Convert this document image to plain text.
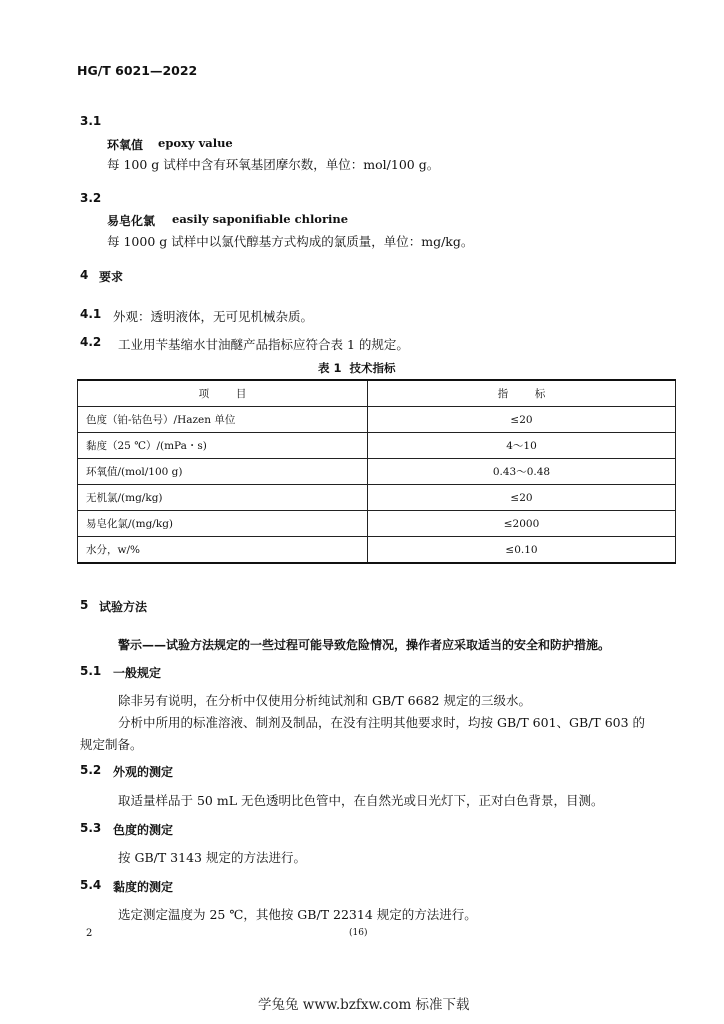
HG/T 6021—2022
3.1
环氧值 epoxy value
每 100 g 试样中含有环氧基团摩尔数，单位：mol/100 g。
3.2
易皂化氯 easily saponifiable chlorine
每 1000 g 试样中以氯代醇基方式构成的氯质量，单位：mg/kg。
4 要求
4.1 外观：透明液体，无可见机械杂质。
4.2 工业用苄基缩水甘油醚产品指标应符合表 1 的规定。
表 1  技术指标
项        目	指        标
色度（铂-钴色号）/Hazen 单位	≤20
黏度（25 ℃）/(mPa・s)	4～10
环氧值/(mol/100 g)	0.43～0.48
无机氯/(mg/kg)	≤20
易皂化氯/(mg/kg)	≤2000
水分，w/%	≤0.10
5 试验方法
警示——试验方法规定的一些过程可能导致危险情况，操作者应采取适当的安全和防护措施。
5.1 一般规定
除非另有说明，在分析中仅使用分析纯试剂和 GB/T 6682 规定的三级水。
分析中所用的标准溶液、制剂及制品，在没有注明其他要求时，均按 GB/T 601、GB/T 603 的
规定制备。
5.2 外观的测定
取适量样品于 50 mL 无色透明比色管中，在自然光或日光灯下，正对白色背景，目测。
5.3 色度的测定
按 GB/T 3143 规定的方法进行。
5.4 黏度的测定
选定测定温度为 25 ℃，其他按 GB/T 22314 规定的方法进行。
2	(16)
学兔兔 www.bzfxw.com 标准下载
